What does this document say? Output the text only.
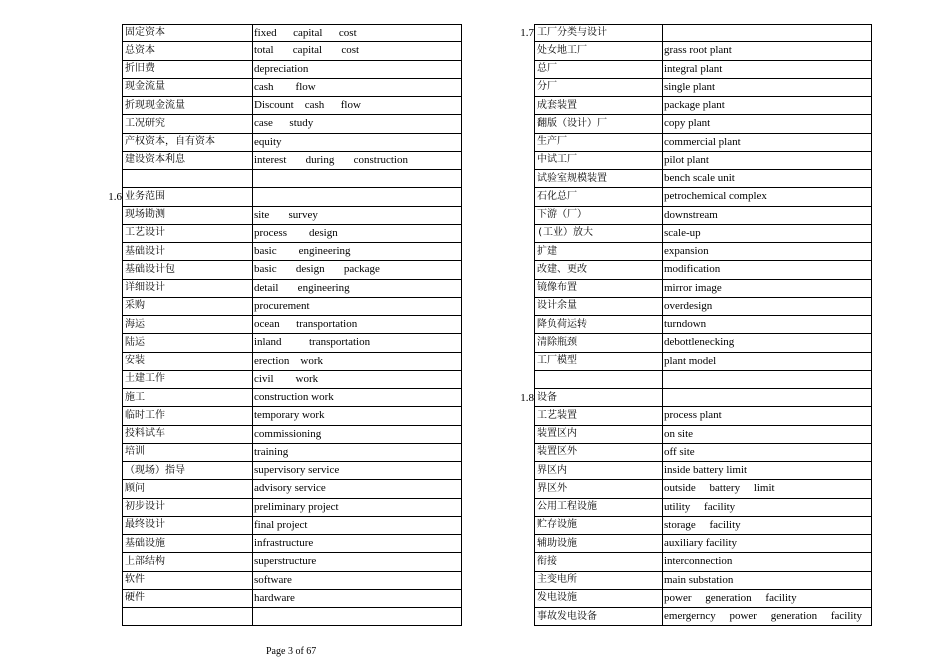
固定资本	fixed      capital      cost
总资本	total       capital       cost
折旧费	depreciation
现金流量	cash        flow
折现现金流量	Discount    cash      flow
工况研究	case      study
产权资本，自有资本	equity
建设资本利息	interest       during       construction
1.6 业务范围
现场勘测	site       survey
工艺设计	process        design
基础设计	basic        engineering
基础设计包	basic       design       package
详细设计	detail       engineering
采购	procurement
海运	ocean      transportation
陆运	inland          transportation
安装	erection    work
土建工作	civil        work
施工	construction work
临时工作	temporary work
投料试车	commissioning
培训	training
（现场）指导	supervisory service
顾问	advisory service
初步设计	preliminary project
最终设计	final project
基础设施	infrastructure
上部结构	superstructure
软件	software
硬件	hardware
1.7 工厂分类与设计
处女地工厂	grass root plant
总厂	integral plant
分厂	single plant
成套装置	package plant
翻版（设计）厂	copy plant
生产厂	commercial plant
中试工厂	pilot plant
试验室规模装置	bench scale unit
石化总厂	petrochemical complex
下游（厂）	downstream
(工业）放大	scale-up
扩建	expansion
改建、更改	modification
镜像布置	mirror image
设计余量	overdesign
降负荷运转	turndown
清除瓶颈	debottlenecking
工厂模型	plant model
1.8 设备
工艺装置	process plant
装置区内	on site
装置区外	off site
界区内	inside battery limit
界区外	outside     battery     limit
公用工程设施	utility     facility
贮存设施	storage     facility
辅助设施	auxiliary facility
衔接	interconnection
主变电所	main substation
发电设施	power     generation     facility
事故发电设备	emergerncy     power     generation     facility
Page 3 of 67
